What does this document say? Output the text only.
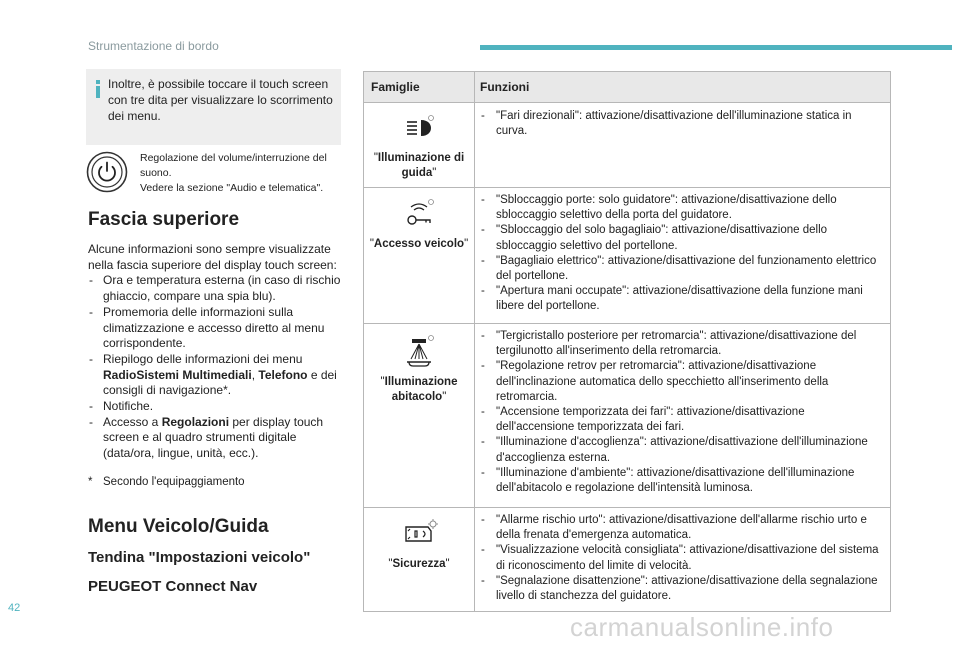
Strumentazione di bordo
Inoltre, è possibile toccare il touch screen con tre dita per visualizzare lo scorrimento dei menu.
Regolazione del volume/interruzione del suono.
Vedere la sezione "Audio e telematica".
Fascia superiore

Alcune informazioni sono sempre visualizzate nella fascia superiore del display touch screen:

- Ora e temperatura esterna (in caso di rischio ghiaccio, compare una spia blu).
- Promemoria delle informazioni sulla climatizzazione e accesso diretto al menu corrispondente.
- Riepilogo delle informazioni dei menu RadioSistemi Multimediali, Telefono e dei consigli di navigazione*.
- Notifiche.
- Accesso a Regolazioni per display touch screen e al quadro strumenti digitale (data/ora, lingue, unità, ecc.).
* Secondo l'equipaggiamento
Menu Veicolo/Guida
Tendina "Impostazioni veicolo"
PEUGEOT Connect Nav
Famiglie	Funzioni
"Illuminazione di guida"
- "Fari direzionali": attivazione/disattivazione dell'illuminazione statica in curva.
"Accesso veicolo"
- "Sbloccaggio porte: solo guidatore": attivazione/disattivazione dello sbloccaggio selettivo della porta del guidatore.
- "Sbloccaggio del solo bagagliaio": attivazione/disattivazione dello sbloccaggio selettivo del portellone.
- "Bagagliaio elettrico": attivazione/disattivazione del funzionamento elettrico del portellone.
- "Apertura mani occupate": attivazione/disattivazione della funzione mani libere del portellone.
"Illuminazione abitacolo"
- "Tergicristallo posteriore per retromarcia": attivazione/disattivazione del tergilunotto all'inserimento della retromarcia.
- "Regolazione retrov per retromarcia": attivazione/disattivazione dell'inclinazione automatica dello specchietto all'inserimento della retromarcia.
- "Accensione temporizzata dei fari": attivazione/disattivazione dell'accensione temporizzata dei fari.
- "Illuminazione d'accoglienza": attivazione/disattivazione dell'illuminazione d'accoglienza esterna.
- "Illuminazione d'ambiente": attivazione/disattivazione dell'illuminazione dell'abitacolo e regolazione dell'intensità luminosa.
"Sicurezza"
- "Allarme rischio urto": attivazione/disattivazione dell'allarme rischio urto e della frenata d'emergenza automatica.
- "Visualizzazione velocità consigliata": attivazione/disattivazione del sistema di riconoscimento del limite di velocità.
- "Segnalazione disattenzione": attivazione/disattivazione della segnalazione livello di stanchezza del guidatore.
42
carmanualsonline.info
